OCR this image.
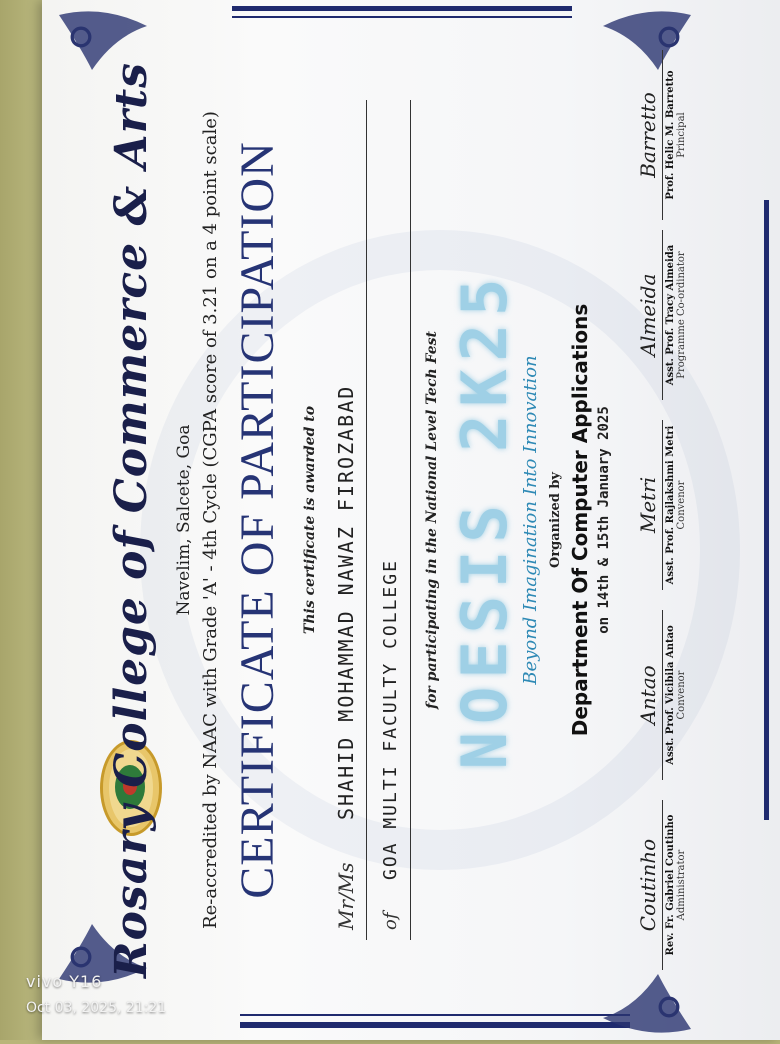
Rosary College of Commerce & Arts Navelim, Salcete, Goa Re-accredited by NAAC with Grade 'A' - 4th Cycle (CGPA score of 3.21 on a 4 point scale) CERTIFICATE OF PARTICIPATION This certificate is awarded to
Mr/Ms
SHAHID MOHAMMAD NAWAZ FIROZABAD
of
GOA MULTI FACULTY COLLEGE
for participating in the National Level Tech Fest NOESIS 2K25 Beyond Imagination Into Innovation Organized by Department Of Computer Applications on 14th & 15th January 2025
Coutinho Rev. Fr. Gabriel Coutinho Administrator
Antao Asst. Prof. Vicibila Antao Convenor
Metri Asst. Prof. Rajlakshmi Metri Convenor
Almeida Asst. Prof. Tracy Almeida Programme Co-ordinator
Barretto Prof. Helic M. Barretto Principal
vivo Y16
Oct 03, 2025, 21:21
